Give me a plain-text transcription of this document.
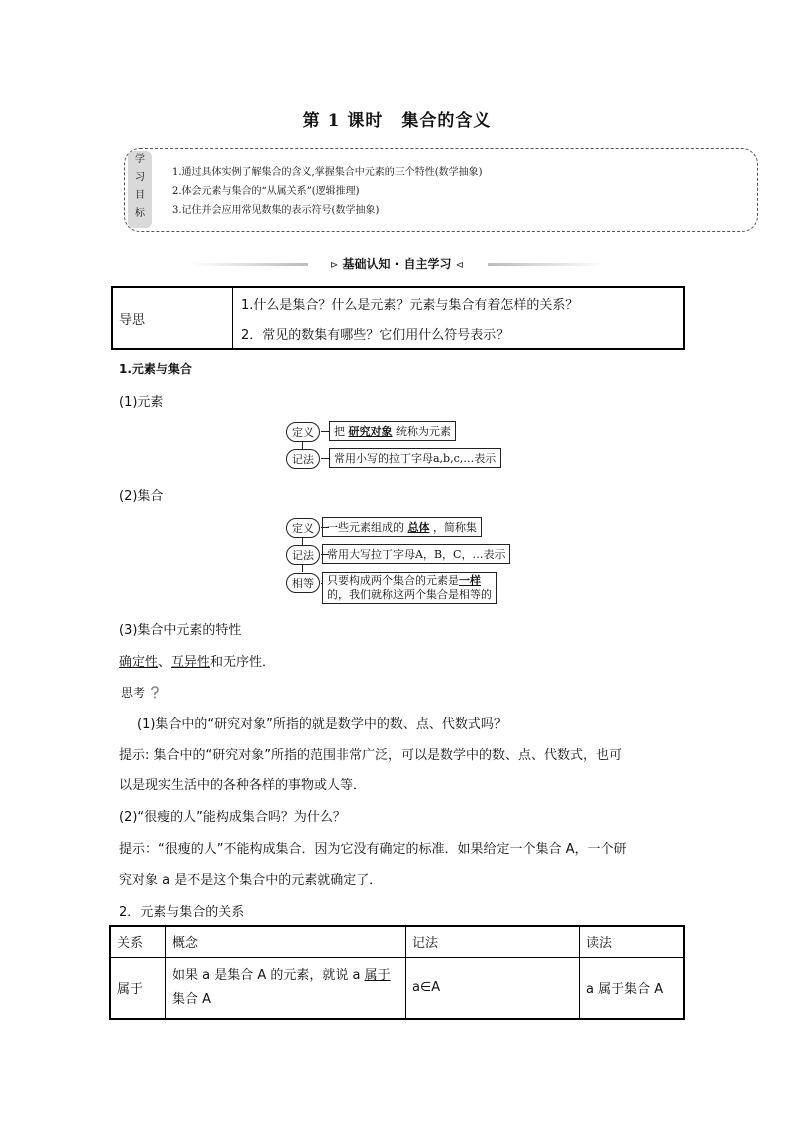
第 1 课时　集合的含义
学
习
目
标
1.通过具体实例了解集合的含义,掌握集合中元素的三个特性(数学抽象)
2.体会元素与集合的“从属关系”(逻辑推理)
3.记住并会应用常见数集的表示符号(数学抽象)
⊳ 基础认知 · 自主学习 ⊲
导思	1.什么是集合？什么是元素？元素与集合有着怎样的关系？
2．常见的数集有哪些？它们用什么符号表示？
1.元素与集合
(1)元素
定义	把 研究对象 统称为元素
记法	常用小写的拉丁字母a,b,c,…表示
(2)集合
定义	一些元素组成的 总体 ，简称集
记法	常用大写拉丁字母A，B，C，…表示
相等	只要构成两个集合的元素是一样
的，我们就称这两个集合是相等的
(3)集合中元素的特性
确定性、互异性和无序性．
思考
(1)集合中的“研究对象”所指的就是数学中的数、点、代数式吗？
提示: 集合中的“研究对象”所指的范围非常广泛，可以是数学中的数、点、代数式，也可
以是现实生活中的各种各样的事物或人等．
(2)“很瘦的人”能构成集合吗？为什么？
提示：“很瘦的人”不能构成集合．因为它没有确定的标准．如果给定一个集合 A，一个研
究对象 a 是不是这个集合中的元素就确定了．
2．元素与集合的关系
关系	概念	记法	读法
属于	如果 a 是集合 A 的元素，就说 a 属于
集合 A	a∈A	a 属于集合 A
